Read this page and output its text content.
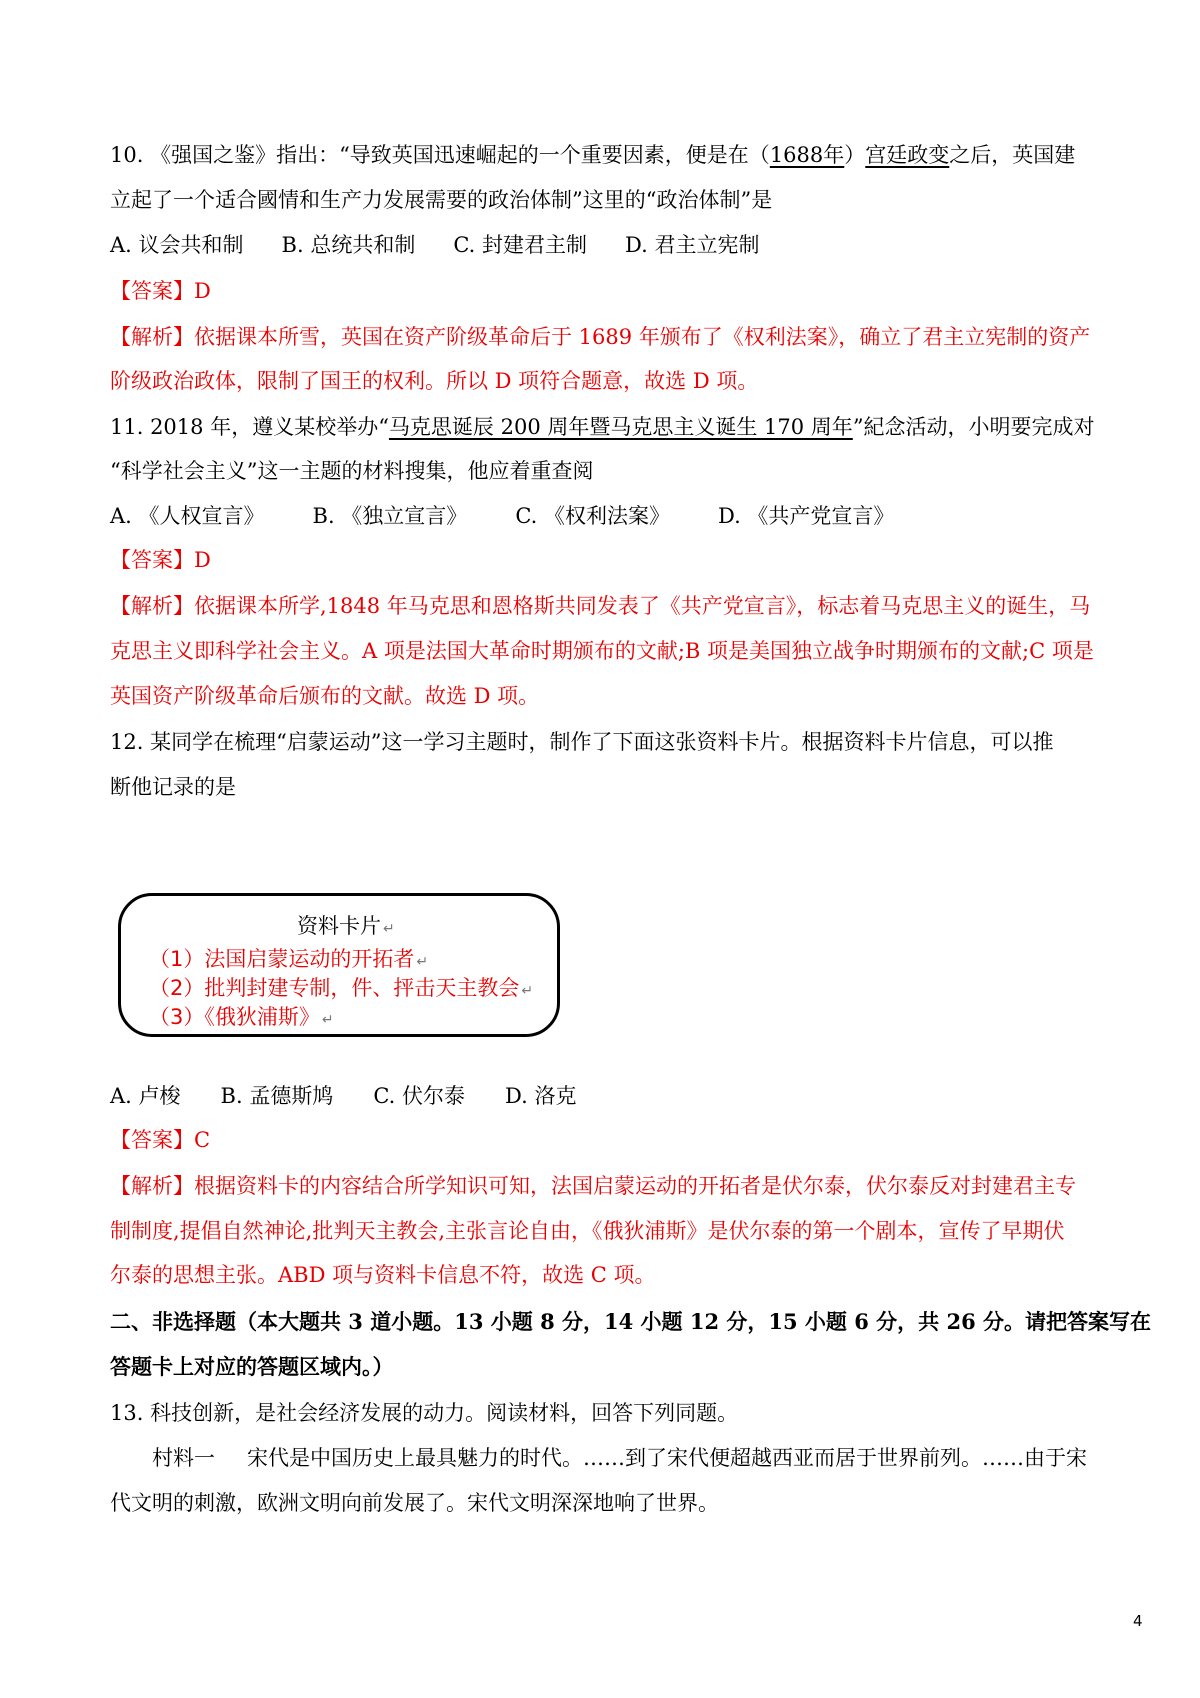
10. 《强国之鉴》指出：“导致英国迅速崛起的一个重要因素，便是在（1688年）宫廷政变之后，英国建
立起了一个适合國情和生产力发展需要的政治体制”这里的“政治体制”是
A. 议会共和制 B. 总统共和制 C. 封建君主制 D. 君主立宪制
【答案】D
【解析】依据课本所雪，英国在资产阶级革命后于 1689 年颁布了《权利法案》，确立了君主立宪制的资产
阶级政治政体，限制了国王的权利。所以 D 项符合题意，故选 D 项。
11. 2018 年，遵义某校举办“马克思诞辰 200 周年暨马克思主义诞生 170 周年”紀念活动，小明要完成对
“科学社会主义”这一主题的材料搜集，他应着重查阅
A. 《人权宣言》 B. 《独立宣言》 C. 《权利法案》 D. 《共产党宣言》
【答案】D
【解析】依据课本所学,1848 年马克思和恩格斯共同发表了《共产党宣言》，标志着马克思主义的诞生，马
克思主义即科学社会主义。A 项是法国大革命时期颁布的文献;B 项是美国独立战争时期颁布的文献;C 项是
英国资产阶级革命后颁布的文献。故选 D 项。
12. 某同学在梳理“启蒙运动”这一学习主题时，制作了下面这张资料卡片。根据资料卡片信息，可以推
断他记录的是
资料卡片 ↵
（1）法国启蒙运动的开拓者 ↵
（2）批判封建专制，件、抨击天主教会 ↵
（3）《俄狄浦斯》 ↵
A. 卢梭 B. 孟德斯鸠 C. 伏尔泰 D. 洛克
【答案】C
【解析】根据资料卡的内容结合所学知识可知，法国启蒙运动的开拓者是伏尔泰，伏尔泰反对封建君主专
制制度,提倡自然神论,批判天主教会,主张言论自由，《俄狄浦斯》是伏尔泰的第一个剧本，宣传了早期伏
尔泰的思想主张。ABD 项与资料卡信息不符，故选 C 项。
二、非选择题（本大题共 3 道小题。13 小题 8 分，14 小题 12 分，15 小题 6 分，共 26 分。请把答案写在
答题卡上对应的答题区域内。）
13. 科技创新，是社会经济发展的动力。阅读材料，回答下列同题。
村料一 宋代是中国历史上最具魅力的时代。……到了宋代便超越西亚而居于世界前列。……由于宋
代文明的刺激，欧洲文明向前发展了。宋代文明深深地响了世界。
4
